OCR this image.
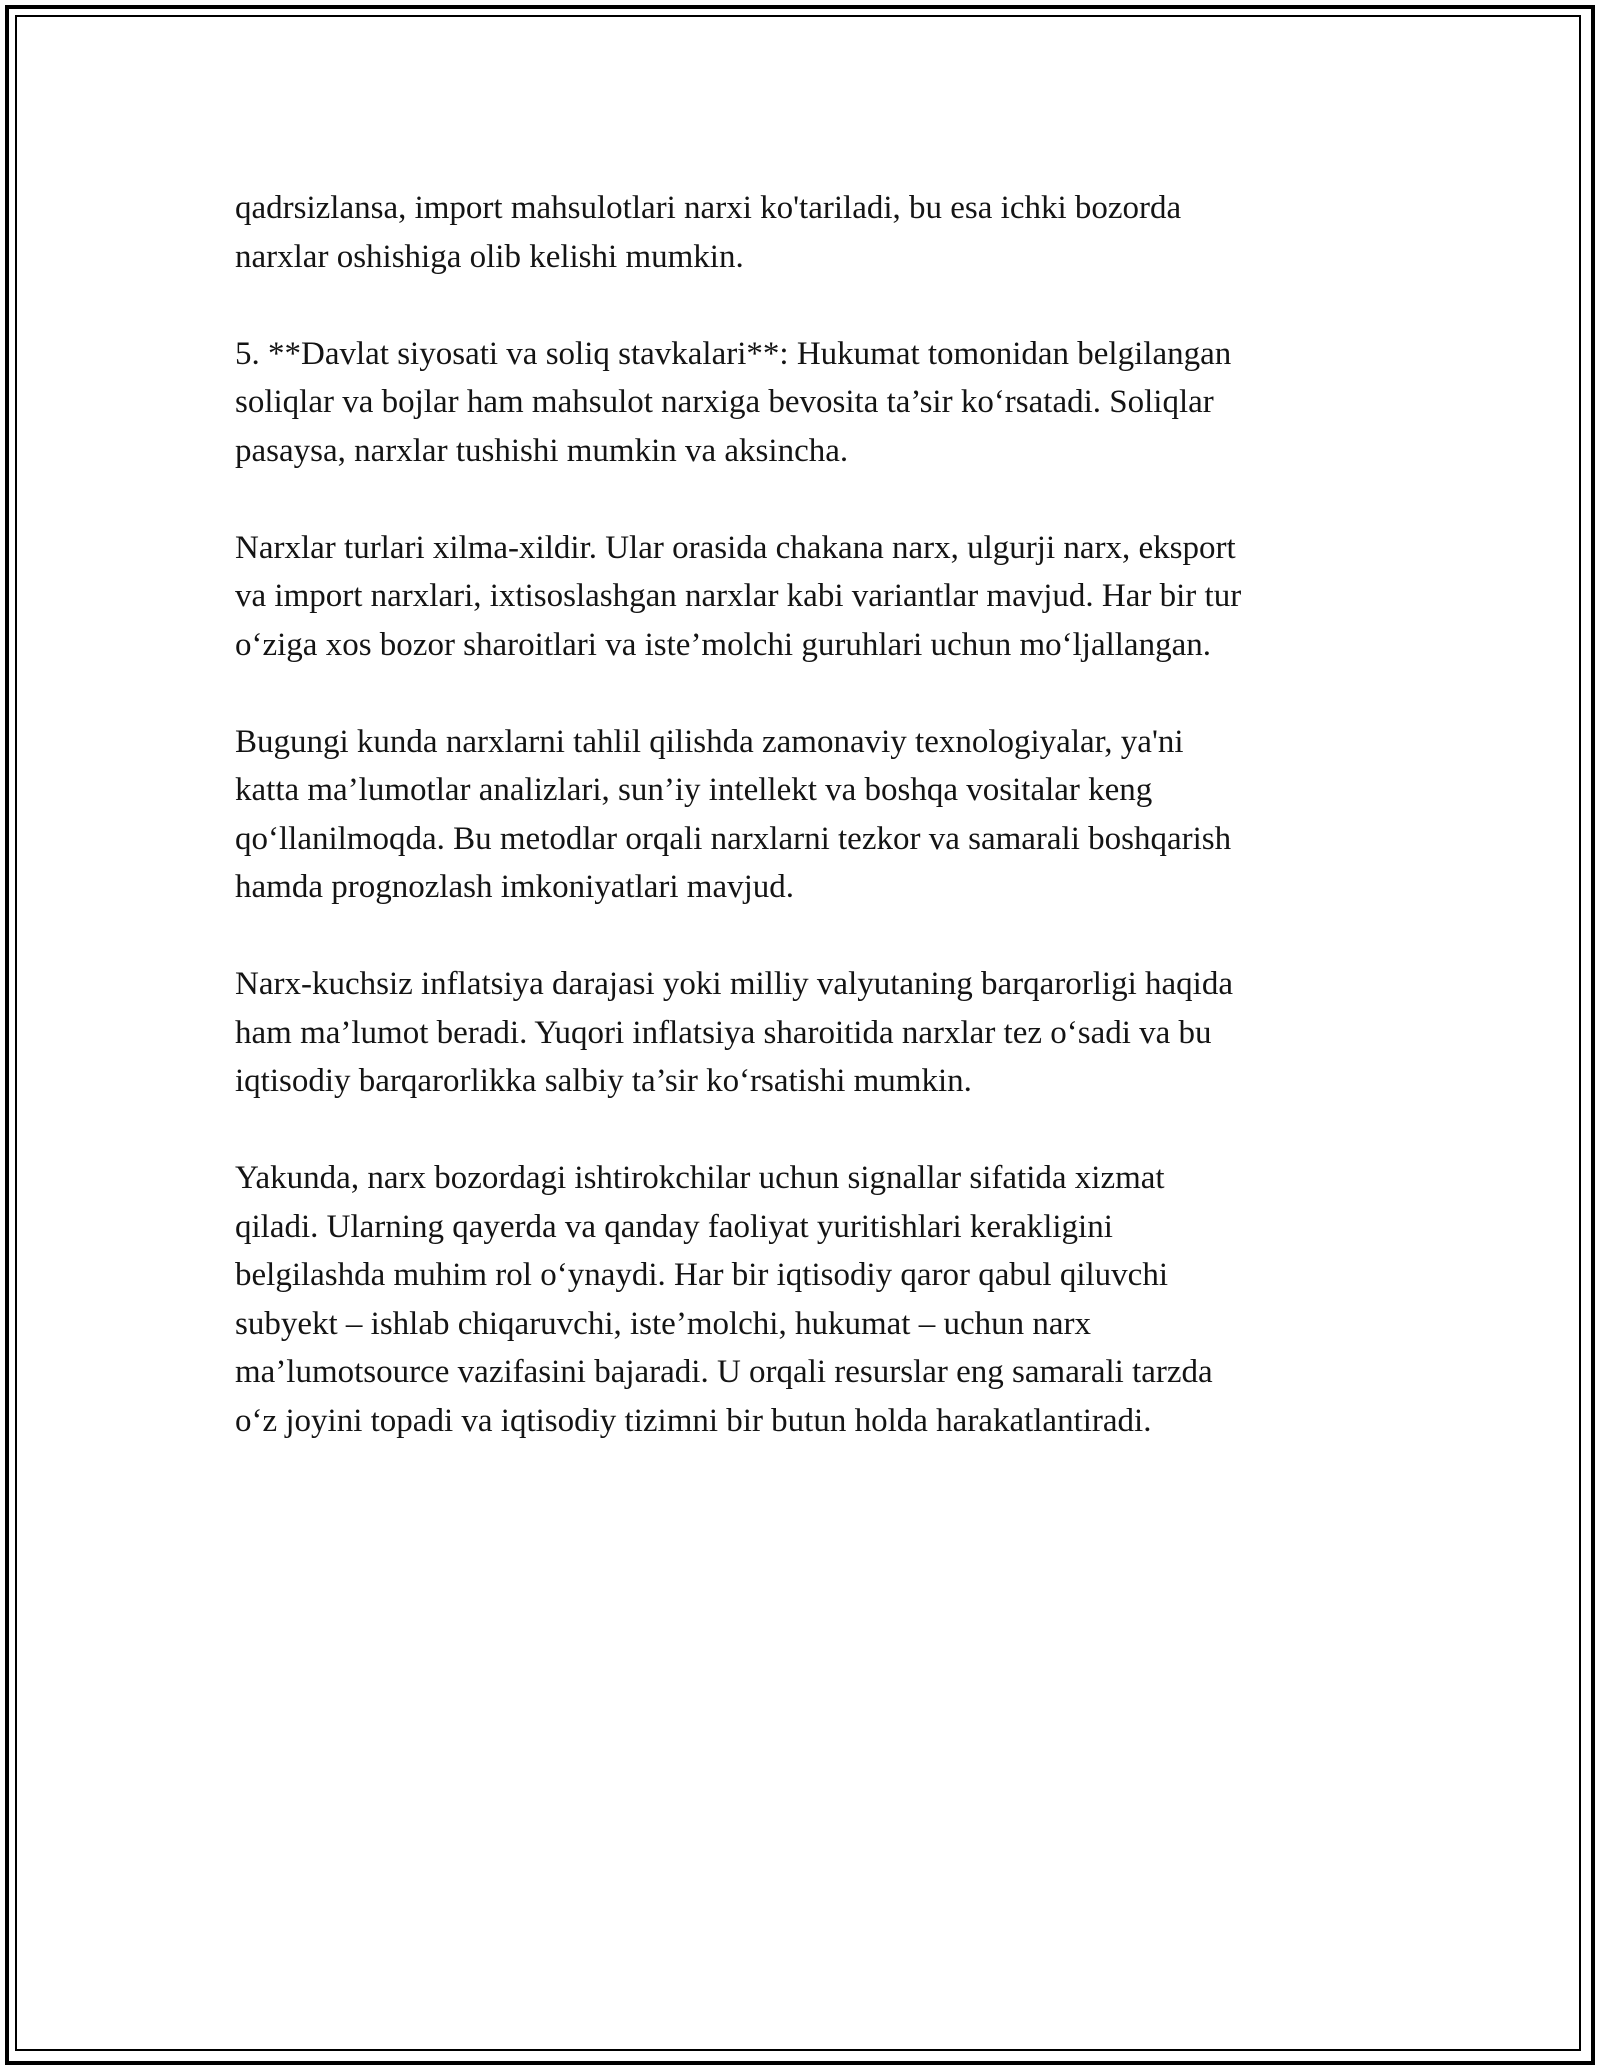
qadrsizlansa, import mahsulotlari narxi ko'tariladi, bu esa ichki bozorda
narxlar oshishiga olib kelishi mumkin.

5. **Davlat siyosati va soliq stavkalari**: Hukumat tomonidan belgilangan
soliqlar va bojlar ham mahsulot narxiga bevosita ta’sir ko‘rsatadi. Soliqlar
pasaysa, narxlar tushishi mumkin va aksincha.

Narxlar turlari xilma-xildir. Ular orasida chakana narx, ulgurji narx, eksport
va import narxlari, ixtisoslashgan narxlar kabi variantlar mavjud. Har bir tur
o‘ziga xos bozor sharoitlari va iste’molchi guruhlari uchun mo‘ljallangan.

Bugungi kunda narxlarni tahlil qilishda zamonaviy texnologiyalar, ya'ni
katta ma’lumotlar analizlari, sun’iy intellekt va boshqa vositalar keng
qo‘llanilmoqda. Bu metodlar orqali narxlarni tezkor va samarali boshqarish
hamda prognozlash imkoniyatlari mavjud.

Narx-kuchsiz inflatsiya darajasi yoki milliy valyutaning barqarorligi haqida
ham ma’lumot beradi. Yuqori inflatsiya sharoitida narxlar tez o‘sadi va bu
iqtisodiy barqarorlikka salbiy ta’sir ko‘rsatishi mumkin.

Yakunda, narx bozordagi ishtirokchilar uchun signallar sifatida xizmat
qiladi. Ularning qayerda va qanday faoliyat yuritishlari kerakligini
belgilashda muhim rol o‘ynaydi. Har bir iqtisodiy qaror qabul qiluvchi
subyekt – ishlab chiqaruvchi, iste’molchi, hukumat – uchun narx
ma’lumotsource vazifasini bajaradi. U orqali resurslar eng samarali tarzda
o‘z joyini topadi va iqtisodiy tizimni bir butun holda harakatlantiradi.
